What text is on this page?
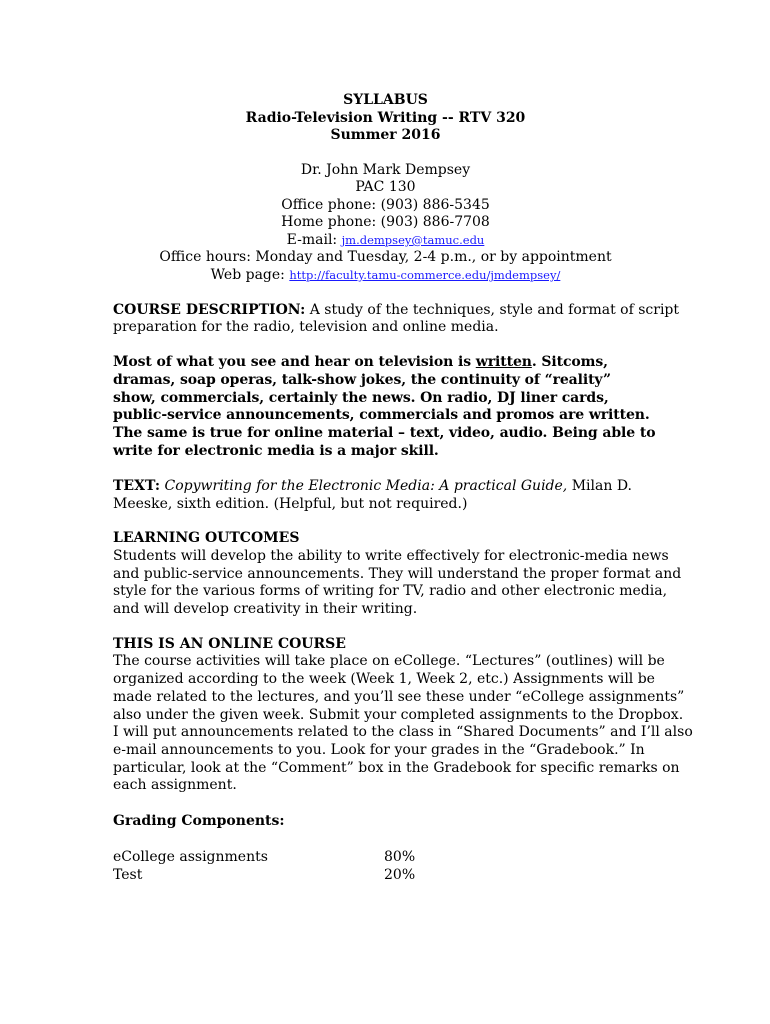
SYLLABUS
Radio-Television Writing -- RTV 320
Summer 2016
Dr. John Mark Dempsey
PAC 130
Office phone: (903) 886-5345
Home phone: (903) 886-7708
E-mail: jm.dempsey@tamuc.edu
Office hours: Monday and Tuesday, 2-4 p.m., or by appointment
Web page: http://faculty.tamu-commerce.edu/jmdempsey/
COURSE DESCRIPTION: A study of the techniques, style and format of script
preparation for the radio, television and online media.
Most of what you see and hear on television is written. Sitcoms,
dramas, soap operas, talk-show jokes, the continuity of “reality”
show, commercials, certainly the news. On radio, DJ liner cards,
public-service announcements, commercials and promos are written.
The same is true for online material – text, video, audio. Being able to
write for electronic media is a major skill.
TEXT: Copywriting for the Electronic Media: A practical Guide, Milan D.
Meeske, sixth edition. (Helpful, but not required.)
LEARNING OUTCOMES
Students will develop the ability to write effectively for electronic-media news
and public-service announcements. They will understand the proper format and
style for the various forms of writing for TV, radio and other electronic media,
and will develop creativity in their writing.
THIS IS AN ONLINE COURSE
The course activities will take place on eCollege. “Lectures” (outlines) will be
organized according to the week (Week 1, Week 2, etc.) Assignments will be
made related to the lectures, and you’ll see these under “eCollege assignments”
also under the given week. Submit your completed assignments to the Dropbox.
I will put announcements related to the class in “Shared Documents” and I’ll also
e-mail announcements to you. Look for your grades in the “Gradebook.” In
particular, look at the “Comment” box in the Gradebook for specific remarks on
each assignment.
Grading Components:
eCollege assignments	80%
Test	20%
